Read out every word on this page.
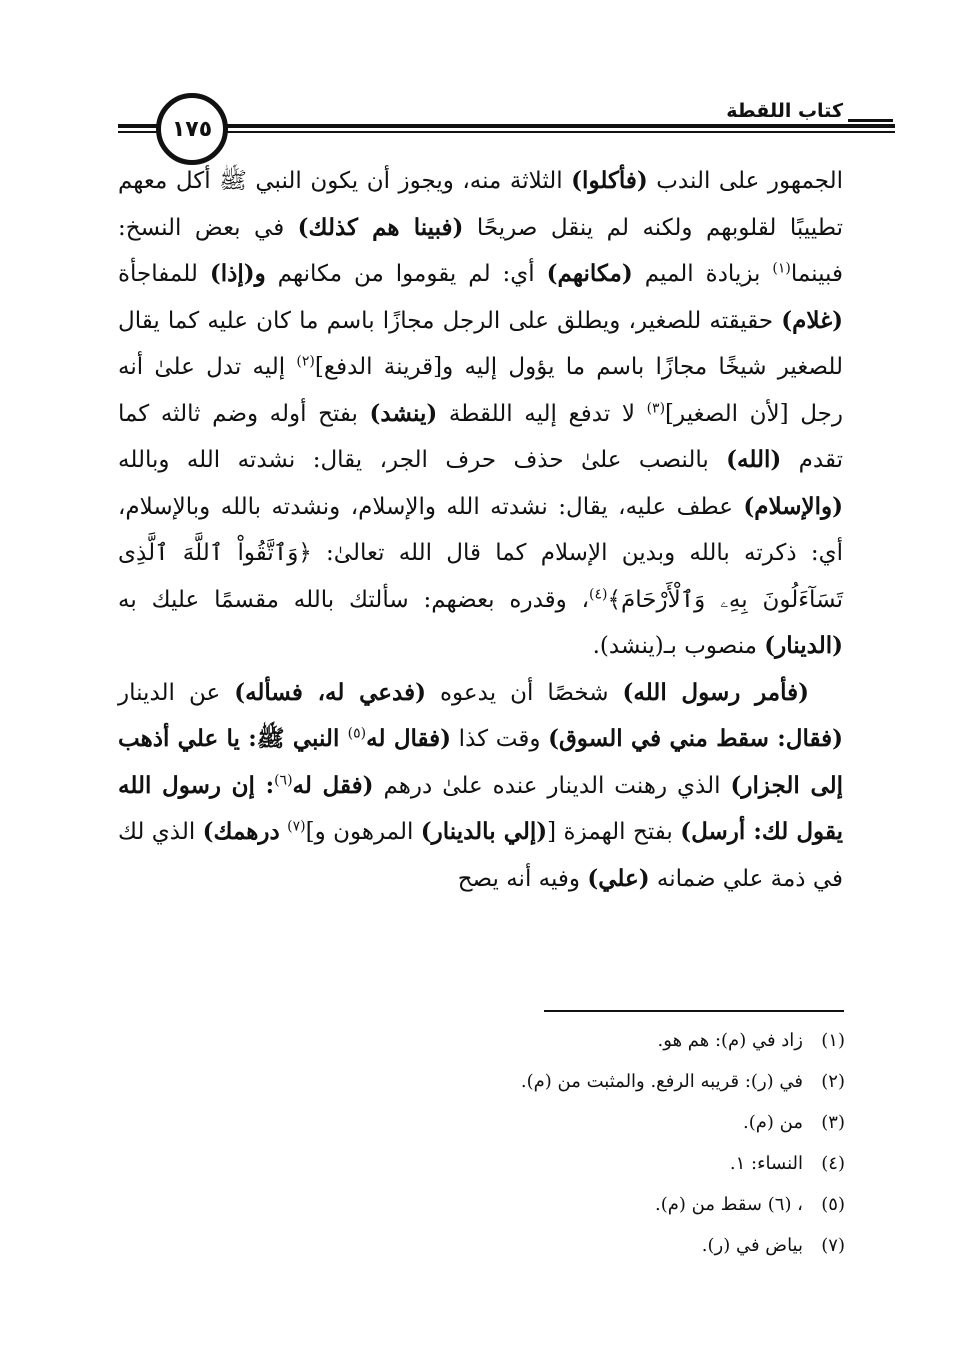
١٧٥
كتاب اللقطة

الجمهور على الندب (فأكلوا) الثلاثة منه، ويجوز أن يكون النبي ﷺ أكل معهم تطييبًا لقلوبهم ولكنه لم ينقل صريحًا (فبينا هم كذلك) في بعض النسخ: فبينما$^{(١)}$ بزيادة الميم (مكانهم) أي: لم يقوموا من مكانهم و(إذا) للمفاجأة (غلام) حقيقته للصغير، ويطلق على الرجل مجازًا باسم ما كان عليه كما يقال للصغير شيخًا مجازًا باسم ما يؤول إليه و[قرينة الدفع]$^{(٢)}$ إليه تدل علىٰ أنه رجل [لأن الصغير]$^{(٣)}$ لا تدفع إليه اللقطة (ينشد) بفتح أوله وضم ثالثه كما تقدم (الله) بالنصب علىٰ حذف حرف الجر، يقال: نشدته الله وبالله (والإسلام) عطف عليه، يقال: نشدته الله والإسلام، ونشدته بالله وبالإسلام، أي: ذكرته بالله وبدين الإسلام كما قال الله تعالىٰ: ﴿وَٱتَّقُواْ ٱللَّهَ ٱلَّذِى تَسَآءَلُونَ بِهِۦ وَٱلْأَرْحَامَ﴾$^{(٤)}$، وقدره بعضهم: سألتك بالله مقسمًا عليك به (الدينار) منصوب بـ(ينشد).

(فأمر رسول الله) شخصًا أن يدعوه (فدعي له، فسأله) عن الدينار (فقال: سقط مني في السوق) وقت كذا (فقال له$^{(٥)}$ النبي ﷺ: يا علي أذهب إلى الجزار) الذي رهنت الدينار عنده علىٰ درهم (فقل له$^{(٦)}$: إن رسول الله يقول لك: أرسل) بفتح الهمزة [(إلي بالدينار) المرهون و]$^{(٧)}$ درهمك) الذي لك في ذمة علي ضمانه (علي) وفيه أنه يصح

(١)
زاد في (م): هم هو.
(٢)
في (ر): قريبه الرفع. والمثبت من (م).
(٣)
من (م).
(٤)
النساء: ١.
(٥)
، (٦) سقط من (م).
(٧)
بياض في (ر).
